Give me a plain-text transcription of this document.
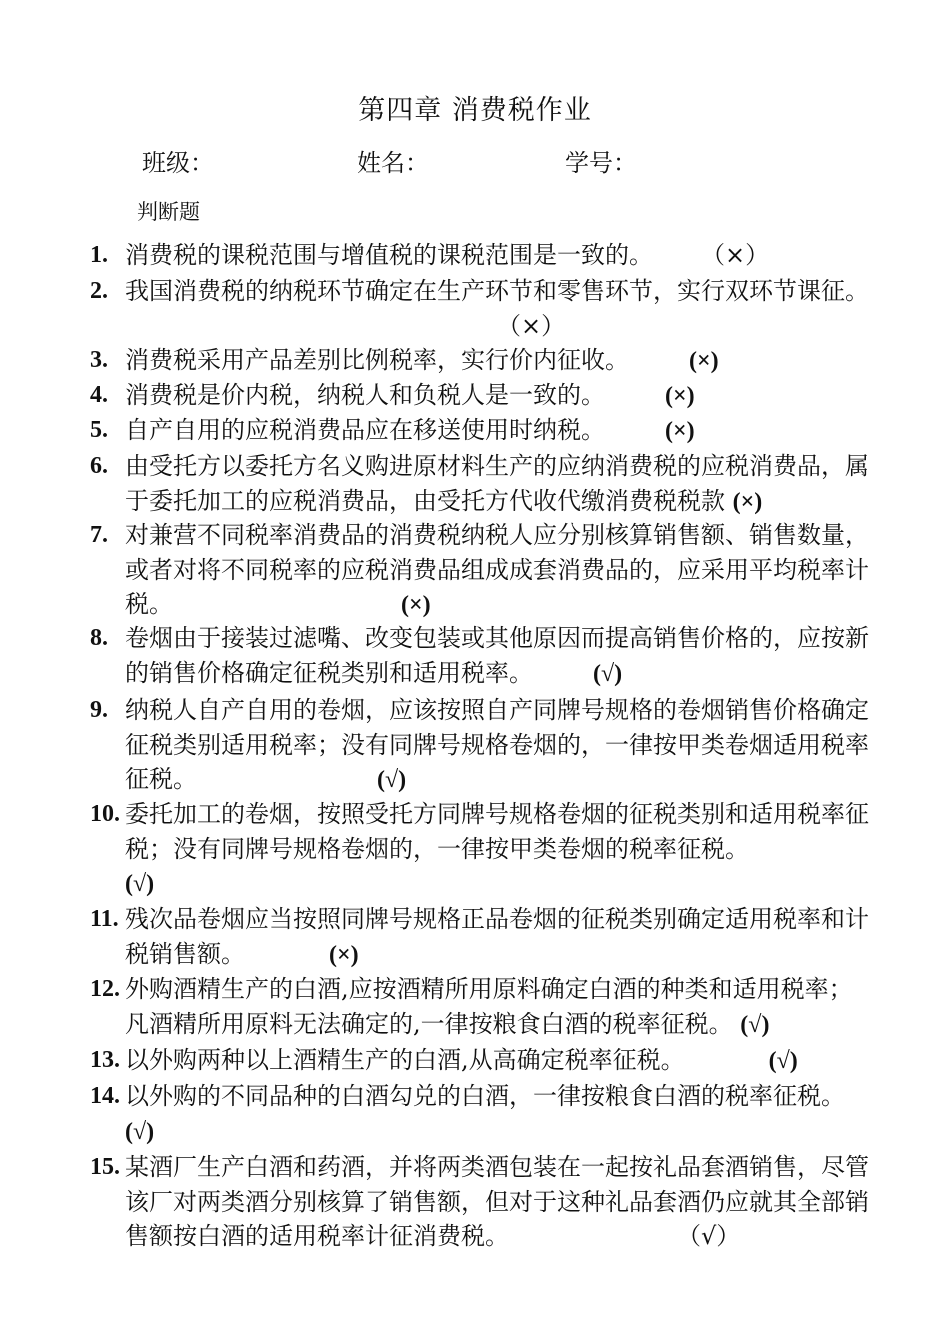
第四章 消费税作业
班级：	姓名：	学号：
判断题
1. 消费税的课税范围与增值税的课税范围是一致的。　　　	（×）
2. 我国消费税的纳税环节确定在生产环节和零售环节，实行双环节课征。
　　　　　　　　　　　　　　　　（×）
3. 消费税采用产品差别比例税率，实行价内征收。　　　	(×)
4. 消费税是价内税，纳税人和负税人是一致的。　　　	(×)
5. 自产自用的应税消费品应在移送使用时纳税。　　　	(×)
6. 由受托方以委托方名义购进原材料生产的应纳消费税的应税消费品，属于委托加工的应税消费品，由受托方代收代缴消费税税款 (×)
7. 对兼营不同税率消费品的消费税纳税人应分别核算销售额、销售数量，或者对将不同税率的应税消费品组成成套消费品的，应采用平均税率计税。　　　　　　　　　　	(×)
8. 卷烟由于接装过滤嘴、改变包装或其他原因而提高销售价格的，应按新的销售价格确定征税类别和适用税率。　　　	(√)
9. 纳税人自产自用的卷烟，应该按照自产同牌号规格的卷烟销售价格确定征税类别适用税率；没有同牌号规格卷烟的，一律按甲类卷烟适用税率征税。　　　　　　　　	(√)
10. 委托加工的卷烟，按照受托方同牌号规格卷烟的征税类别和适用税率征税；没有同牌号规格卷烟的，一律按甲类卷烟的税率征税。
(√)
11. 残次品卷烟应当按照同牌号规格正品卷烟的征税类别确定适用税率和计税销售额。　　　　	(×)
12. 外购酒精生产的白酒,应按酒精所用原料确定白酒的种类和适用税率；凡酒精所用原料无法确定的,一律按粮食白酒的税率征税。 (√)
13. 以外购两种以上酒精生产的白酒,从高确定税率征税。　　　　	(√)
14. 以外购的不同品种的白酒勾兑的白酒，一律按粮食白酒的税率征税。 (√)
15. 某酒厂生产白酒和药酒，并将两类酒包装在一起按礼品套酒销售，尽管该厂对两类酒分别核算了销售额，但对于这种礼品套酒仍应就其全部销售额按白酒的适用税率计征消费税。　　　　　　　　	（√）
